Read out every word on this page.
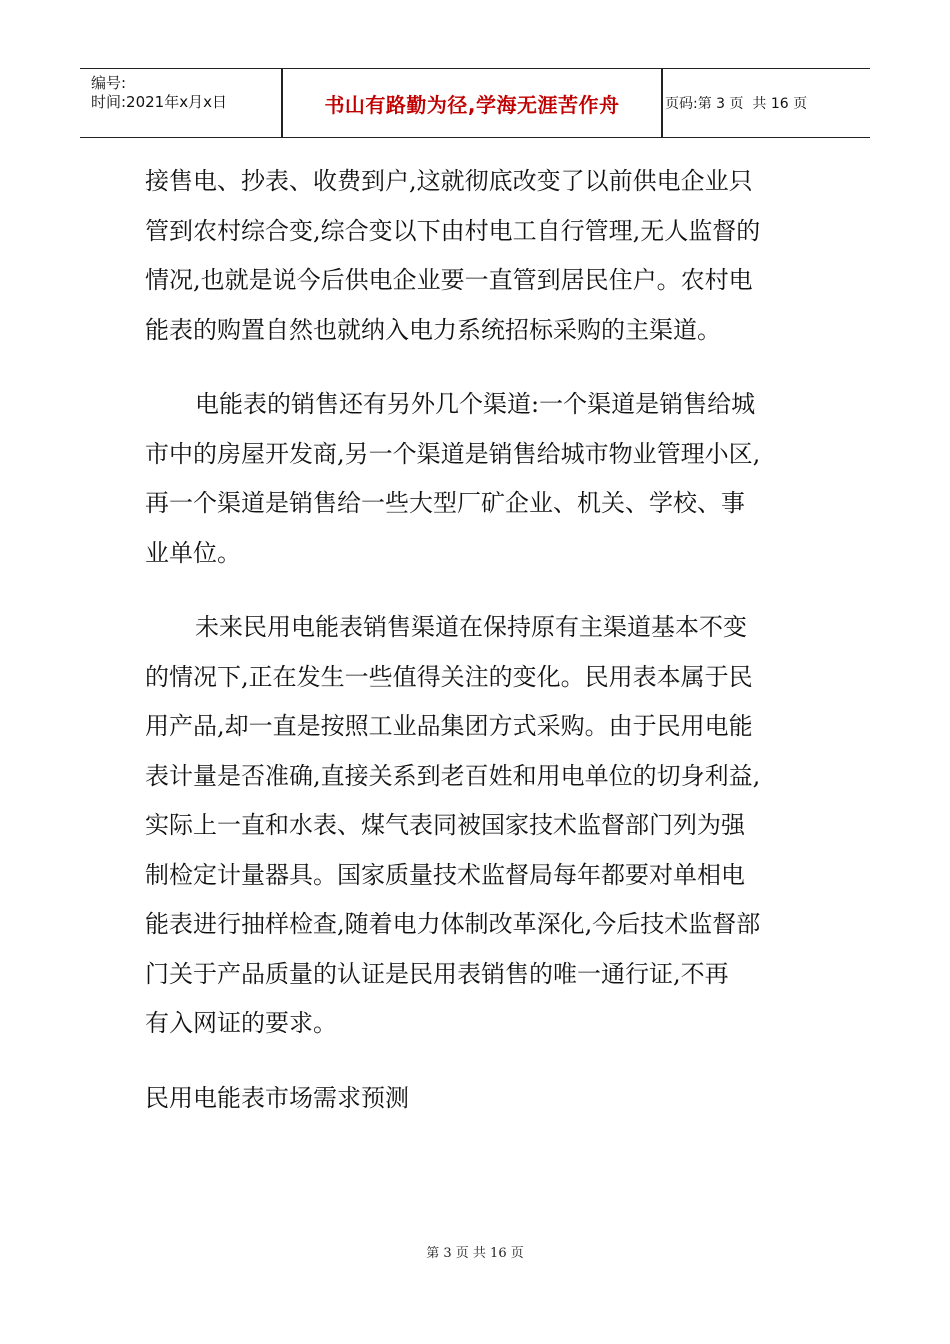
编号:
时间:2021年x月x日	书山有路勤为径,学海无涯苦作舟	页码:第 3 页  共 16 页
接售电、抄表、收费到户,这就彻底改变了以前供电企业只
管到农村综合变,综合变以下由村电工自行管理,无人监督的
情况,也就是说今后供电企业要一直管到居民住户。农村电
能表的购置自然也就纳入电力系统招标采购的主渠道。
电能表的销售还有另外几个渠道:一个渠道是销售给城
市中的房屋开发商,另一个渠道是销售给城市物业管理小区,
再一个渠道是销售给一些大型厂矿企业、机关、学校、事
业单位。
未来民用电能表销售渠道在保持原有主渠道基本不变
的情况下,正在发生一些值得关注的变化。民用表本属于民
用产品,却一直是按照工业品集团方式采购。由于民用电能
表计量是否准确,直接关系到老百姓和用电单位的切身利益,
实际上一直和水表、煤气表同被国家技术监督部门列为强
制检定计量器具。国家质量技术监督局每年都要对单相电
能表进行抽样检查,随着电力体制改革深化,今后技术监督部
门关于产品质量的认证是民用表销售的唯一通行证,不再
有入网证的要求。
民用电能表市场需求预测
第 3 页 共 16 页
